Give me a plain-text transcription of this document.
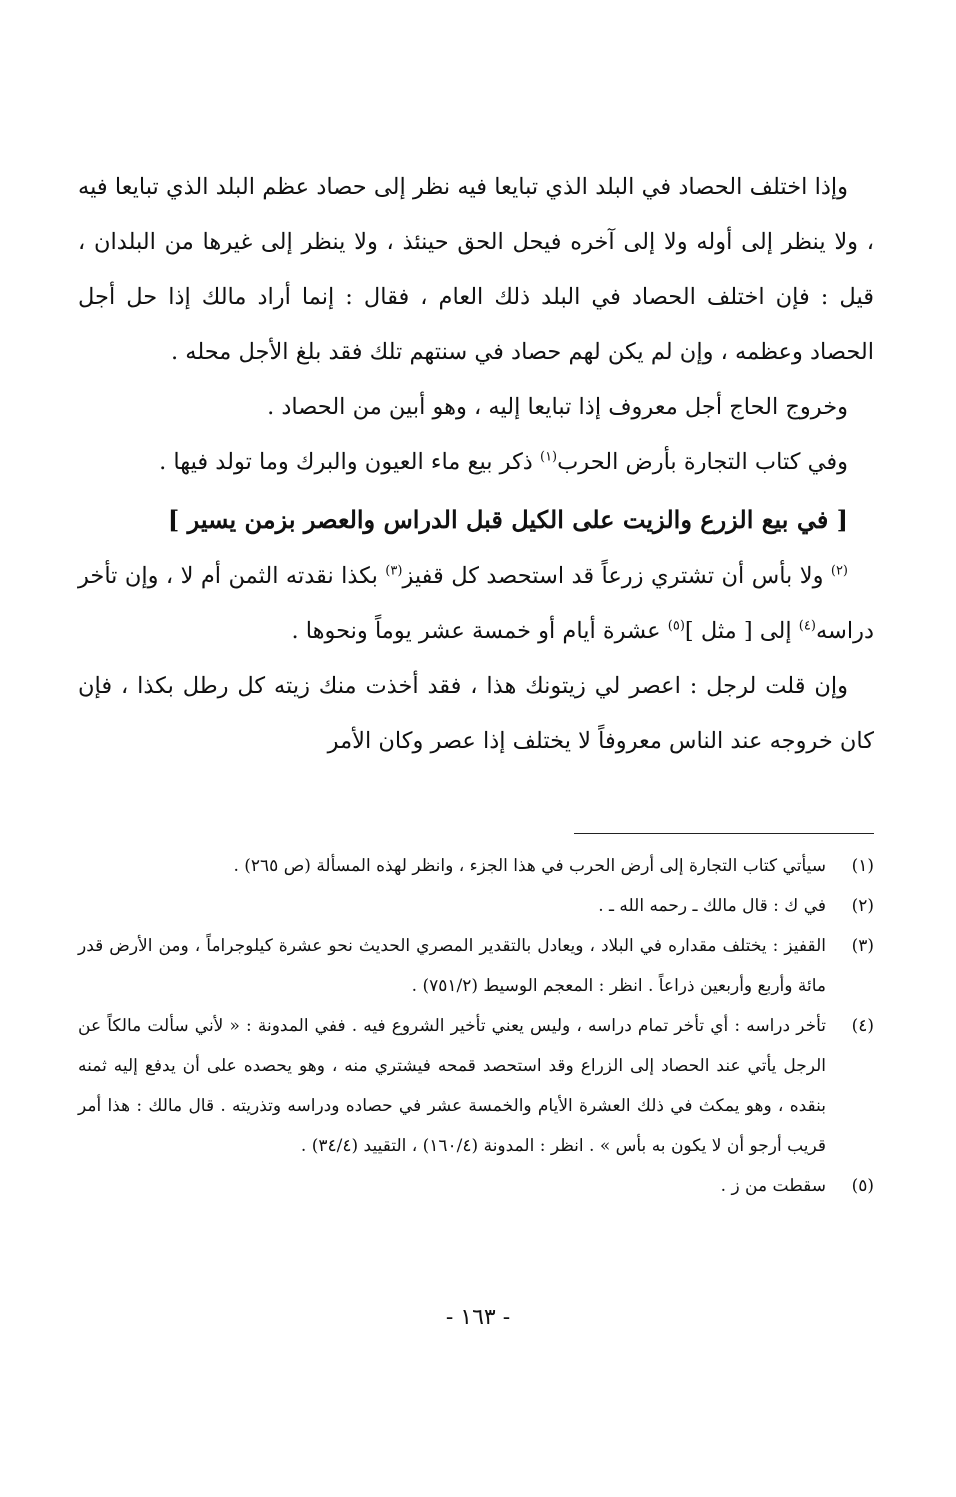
وإذا اختلف الحصاد في البلد الذي تبايعا فيه نظر إلى حصاد عظم البلد الذي تبايعا فيه ، ولا ينظر إلى أوله ولا إلى آخره فيحل الحق حينئذ ، ولا ينظر إلى غيرها من البلدان ، قيل : فإن اختلف الحصاد في البلد ذلك العام ، فقال : إنما أراد مالك إذا حل أجل الحصاد وعظمه ، وإن لم يكن لهم حصاد في سنتهم تلك فقد بلغ الأجل محله .

وخروج الحاج أجل معروف إذا تبايعا إليه ، وهو أبين من الحصاد .

وفي كتاب التجارة بأرض الحرب$^{(١)}$ ذكر بيع ماء العيون والبرك وما تولد فيها .

[ في بيع الزرع والزيت على الكيل قبل الدراس والعصر بزمن يسير ]

$^{(٢)}$ ولا بأس أن تشتري زرعاً قد استحصد كل قفيز$^{(٣)}$ بكذا نقدته الثمن أم لا ، وإن تأخر دراسه$^{(٤)}$ إلى [ مثل ]$^{(٥)}$ عشرة أيام أو خمسة عشر يوماً ونحوها .

وإن قلت لرجل : اعصر لي زيتونك هذا ، فقد أخذت منك زيته كل رطل بكذا ، فإن كان خروجه عند الناس معروفاً لا يختلف إذا عصر وكان الأمر

(١)

سيأتي كتاب التجارة إلى أرض الحرب في هذا الجزء ، وانظر لهذه المسألة (ص ٢٦٥) .

(٢)

في ك : قال مالك ـ رحمه الله ـ .

(٣)

القفيز : يختلف مقداره في البلاد ، ويعادل بالتقدير المصري الحديث نحو عشرة كيلوجراماً ، ومن الأرض قدر مائة وأربع وأربعين ذراعاً . انظر : المعجم الوسيط (٧٥١/٢) .

(٤)

تأخر دراسه : أي تأخر تمام دراسه ، وليس يعني تأخير الشروع فيه . ففي المدونة : « لأني سألت مالكاً عن الرجل يأتي عند الحصاد إلى الزراع وقد استحصد قمحه فيشتري منه ، وهو يحصده على أن يدفع إليه ثمنه بنقده ، وهو يمكث في ذلك العشرة الأيام والخمسة عشر في حصاده ودراسه وتذريته . قال مالك : هذا أمر قريب أرجو أن لا يكون به بأس » . انظر : المدونة (١٦٠/٤) ، التقييد (٣٤/٤) .

(٥)

سقطت من ز .

- ١٦٣ -
